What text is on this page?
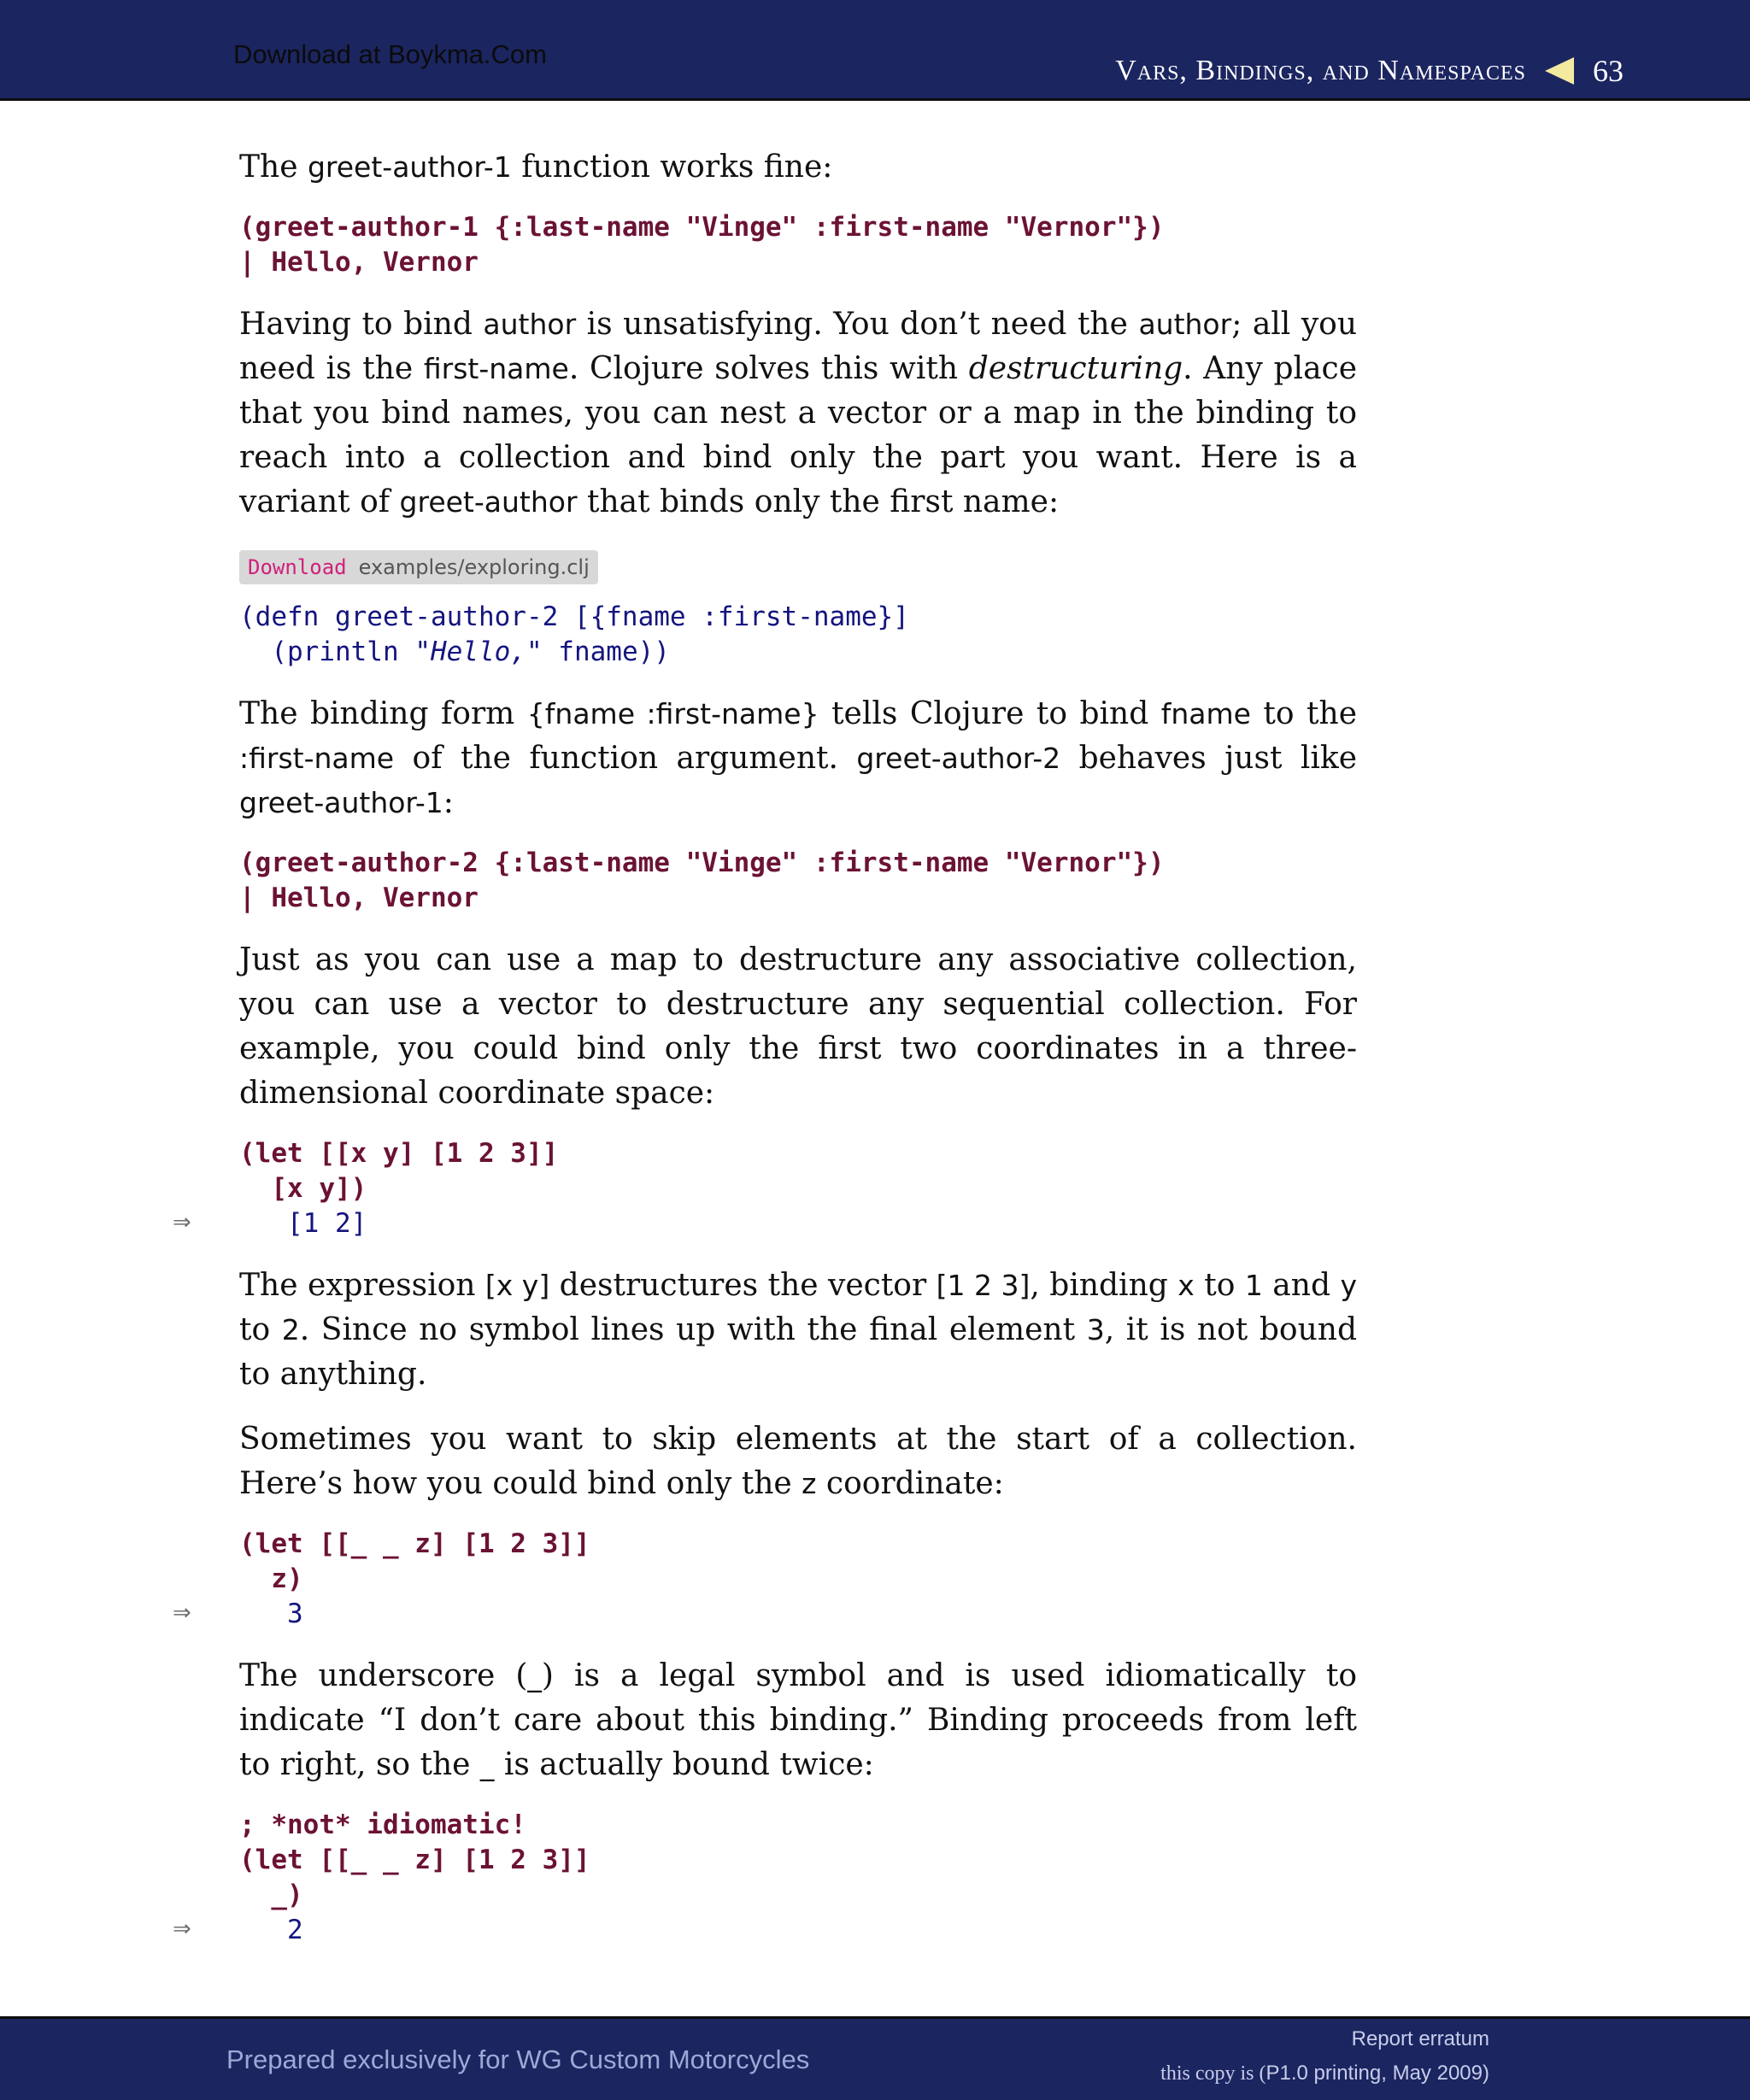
Download at Boykma.Com
Vars, Bindings, and Namespaces 63

The greet-author-1 function works fine:

(greet-author-1 {:last-name "Vinge" :first-name "Vernor"})
| Hello, Vernor

Having to bind author is unsatisfying. You don’t need the author; all you need is the first-name. Clojure solves this with destructuring. Any place that you bind names, you can nest a vector or a map in the binding to reach into a collection and bind only the part you want. Here is a variant of greet-author that binds only the first name:

Download examples/exploring.clj
(defn greet-author-2 [{fname :first-name}]
(println "Hello," fname))

The binding form {fname :first-name} tells Clojure to bind fname to the :first-name of the function argument. greet-author-2 behaves just like greet-author-1:

(greet-author-2 {:last-name "Vinge" :first-name "Vernor"})
| Hello, Vernor

Just as you can use a map to destructure any associative collection, you can use a vector to destructure any sequential collection. For example, you could bind only the first two coordinates in a three-dimensional coordinate space:

(let [[x y] [1 2 3]]
[x y])
[1 2]
⇒

The expression [x y] destructures the vector [1 2 3], binding x to 1 and y to 2. Since no symbol lines up with the final element 3, it is not bound to anything.

Sometimes you want to skip elements at the start of a collection. Here’s how you could bind only the z coordinate:

(let [[_ _ z] [1 2 3]]
z)
3
⇒

The underscore (_) is a legal symbol and is used idiomatically to indicate “I don’t care about this binding.” Binding proceeds from left to right, so the _ is actually bound twice:

; *not* idiomatic!
(let [[_ _ z] [1 2 3]]
_)
2
⇒
Prepared exclusively for WG Custom Motorcycles
Report erratum
this copy is (P1.0 printing, May 2009)
